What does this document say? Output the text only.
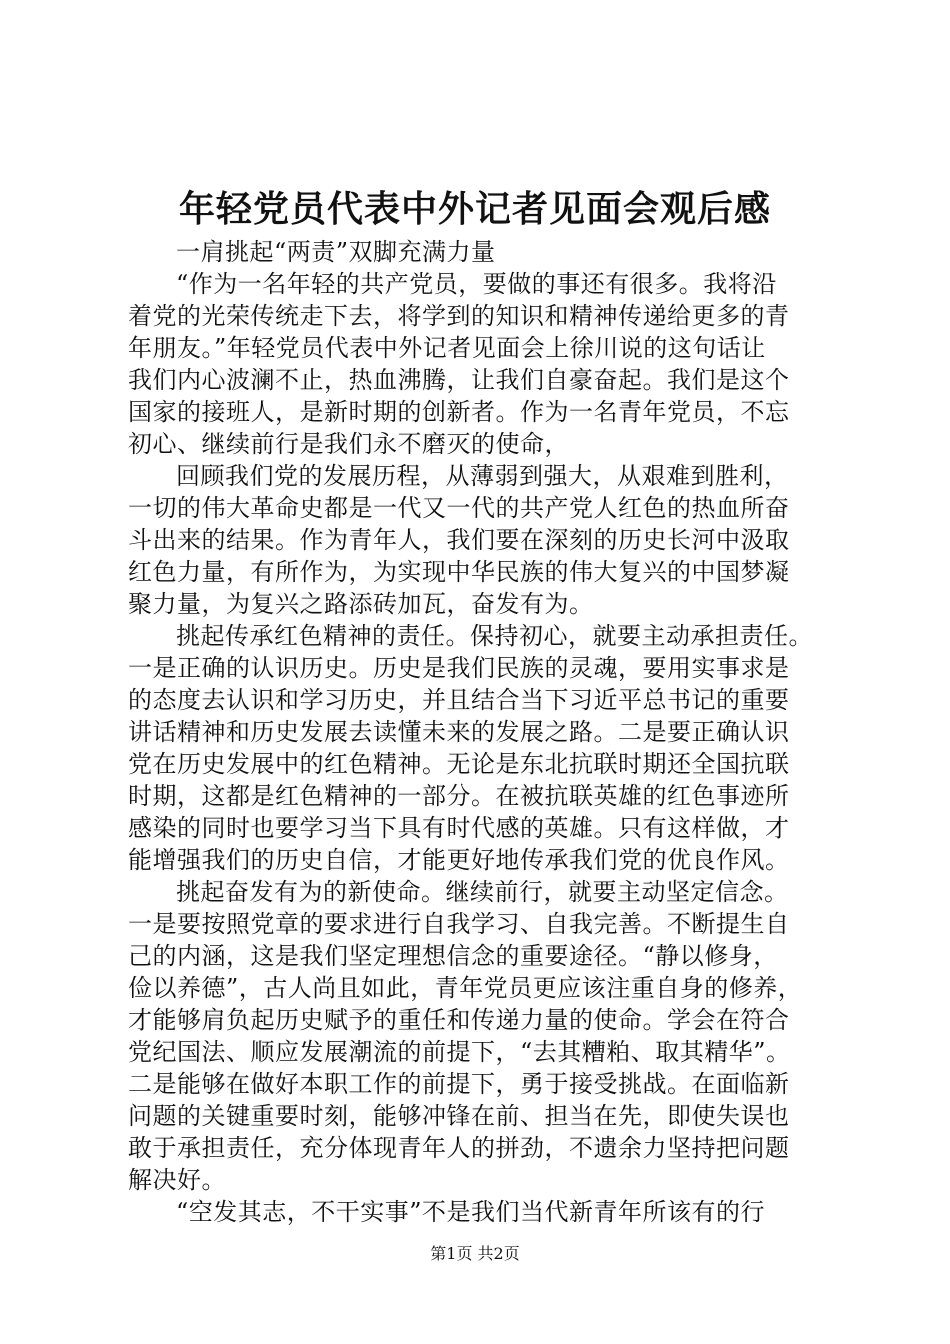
年轻党员代表中外记者见面会观后感
一肩挑起“两责”双脚充满力量
“作为一名年轻的共产党员，要做的事还有很多。我将沿
着党的光荣传统走下去，将学到的知识和精神传递给更多的青
年朋友。”年轻党员代表中外记者见面会上徐川说的这句话让
我们内心波澜不止，热血沸腾，让我们自豪奋起。我们是这个
国家的接班人，是新时期的创新者。作为一名青年党员，不忘
初心、继续前行是我们永不磨灭的使命，
回顾我们党的发展历程，从薄弱到强大，从艰难到胜利，
一切的伟大革命史都是一代又一代的共产党人红色的热血所奋
斗出来的结果。作为青年人，我们要在深刻的历史长河中汲取
红色力量，有所作为，为实现中华民族的伟大复兴的中国梦凝
聚力量，为复兴之路添砖加瓦，奋发有为。
挑起传承红色精神的责任。保持初心，就要主动承担责任。
一是正确的认识历史。历史是我们民族的灵魂，要用实事求是
的态度去认识和学习历史，并且结合当下习近平总书记的重要
讲话精神和历史发展去读懂未来的发展之路。二是要正确认识
党在历史发展中的红色精神。无论是东北抗联时期还全国抗联
时期，这都是红色精神的一部分。在被抗联英雄的红色事迹所
感染的同时也要学习当下具有时代感的英雄。只有这样做，才
能增强我们的历史自信，才能更好地传承我们党的优良作风。
挑起奋发有为的新使命。继续前行，就要主动坚定信念。
一是要按照党章的要求进行自我学习、自我完善。不断提生自
己的内涵，这是我们坚定理想信念的重要途径。“静以修身，
俭以养德”，古人尚且如此，青年党员更应该注重自身的修养，
才能够肩负起历史赋予的重任和传递力量的使命。学会在符合
党纪国法、顺应发展潮流的前提下，“去其糟粕、取其精华”。
二是能够在做好本职工作的前提下，勇于接受挑战。在面临新
问题的关键重要时刻，能够冲锋在前、担当在先，即使失误也
敢于承担责任，充分体现青年人的拼劲，不遗余力坚持把问题
解决好。
“空发其志，不干实事”不是我们当代新青年所该有的行
第1页 共2页
